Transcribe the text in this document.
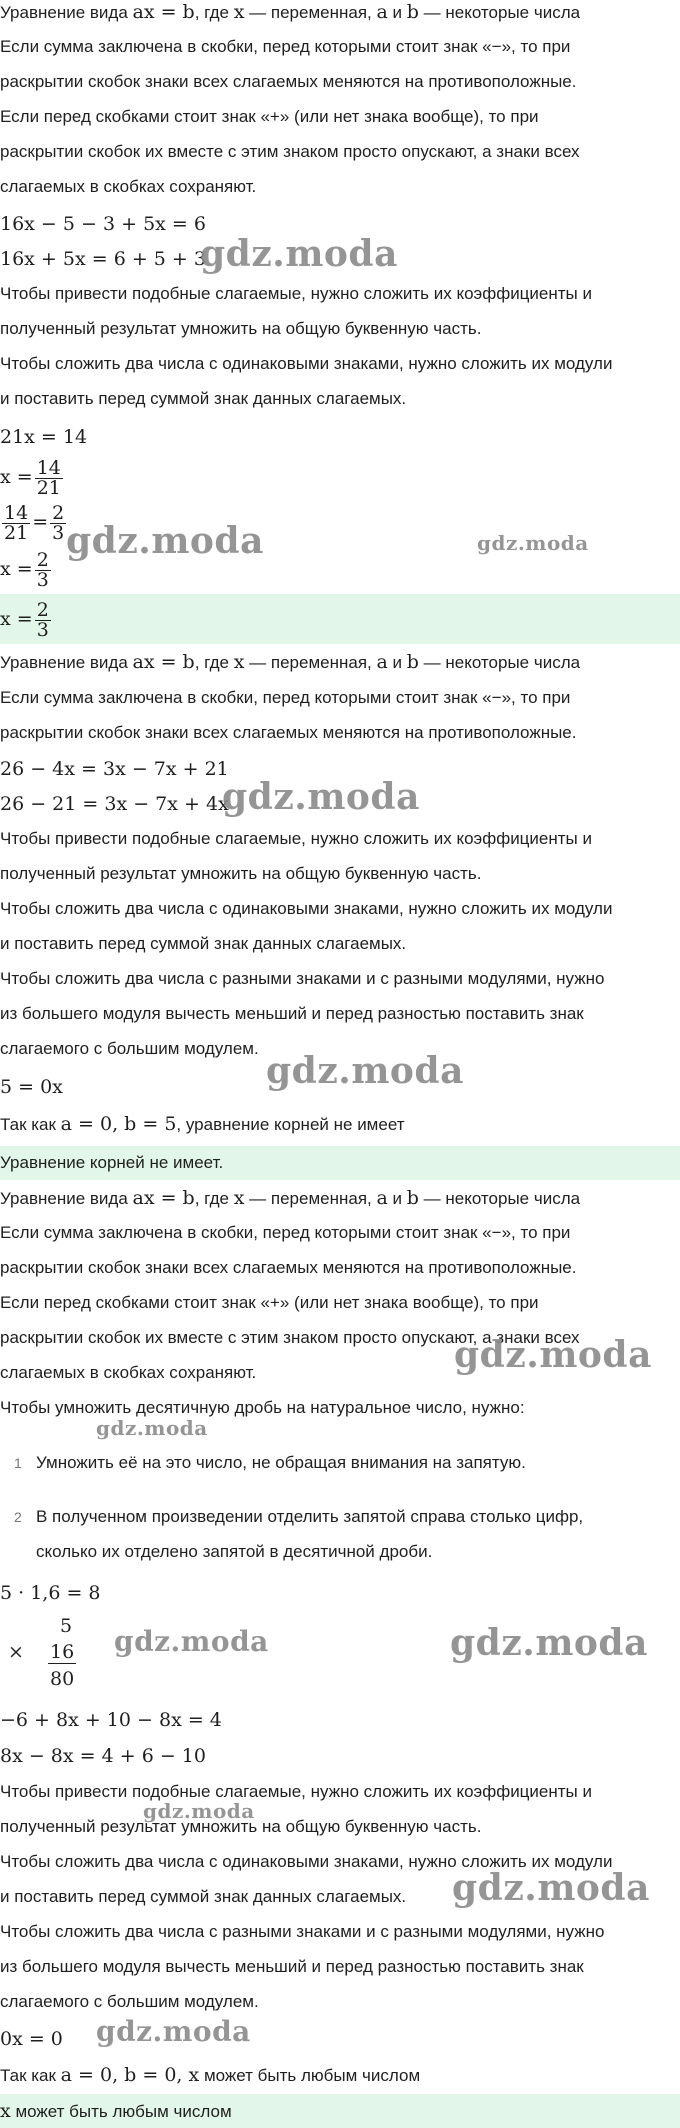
Уравнение вида ax = b, где x — переменная, a и b — некоторые числа
Если сумма заключена в скобки, перед которыми стоит знак «−», то при
раскрытии скобок знаки всех слагаемых меняются на противоположные.
Если перед скобками стоит знак «+» (или нет знака вообще), то при
раскрытии скобок их вместе с этим знаком просто опускают, а знаки всех
слагаемых в скобках сохраняют.
16x − 5 − 3 + 5x = 6
16x + 5x = 6 + 5 + 3
Чтобы привести подобные слагаемые, нужно сложить их коэффициенты и
полученный результат умножить на общую буквенную часть.
Чтобы сложить два числа с одинаковыми знаками, нужно сложить их модули
и поставить перед суммой знак данных слагаемых.
21x = 14
$x = \frac{14}{21}$
$\frac{14}{21} = \frac{2}{3}$
$x = \frac{2}{3}$
$x = \frac{2}{3}$
Уравнение вида ax = b, где x — переменная, a и b — некоторые числа
Если сумма заключена в скобки, перед которыми стоит знак «−», то при
раскрытии скобок знаки всех слагаемых меняются на противоположные.
26 − 4x = 3x − 7x + 21
26 − 21 = 3x − 7x + 4x
Чтобы привести подобные слагаемые, нужно сложить их коэффициенты и
полученный результат умножить на общую буквенную часть.
Чтобы сложить два числа с одинаковыми знаками, нужно сложить их модули
и поставить перед суммой знак данных слагаемых.
Чтобы сложить два числа с разными знаками и с разными модулями, нужно
из большего модуля вычесть меньший и перед разностью поставить знак
слагаемого с большим модулем.
5 = 0x
Так как a = 0, b = 5, уравнение корней не имеет
Уравнение корней не имеет.
Уравнение вида ax = b, где x — переменная, a и b — некоторые числа
Если сумма заключена в скобки, перед которыми стоит знак «−», то при
раскрытии скобок знаки всех слагаемых меняются на противоположные.
Если перед скобками стоит знак «+» (или нет знака вообще), то при
раскрытии скобок их вместе с этим знаком просто опускают, а знаки всех
слагаемых в скобках сохраняют.
Чтобы умножить десятичную дробь на натуральное число, нужно:
1 Умножить её на это число, не обращая внимания на запятую.
2 В полученном произведении отделить запятой справа столько цифр,
сколько их отделено запятой в десятичной дроби.
5 · 1,6 = 8
5
× 16
80
−6 + 8x + 10 − 8x = 4
8x − 8x = 4 + 6 − 10
Чтобы привести подобные слагаемые, нужно сложить их коэффициенты и
полученный результат умножить на общую буквенную часть.
Чтобы сложить два числа с одинаковыми знаками, нужно сложить их модули
и поставить перед суммой знак данных слагаемых.
Чтобы сложить два числа с разными знаками и с разными модулями, нужно
из большего модуля вычесть меньший и перед разностью поставить знак
слагаемого с большим модулем.
0x = 0
Так как a = 0, b = 0, x может быть любым числом
x может быть любым числом
gdz.moda
gdz.moda	gdz.moda
gdz.moda
gdz.moda
gdz.moda
gdz.moda
gdz.moda	gdz.moda
gdz.moda
gdz.moda
gdz.moda
